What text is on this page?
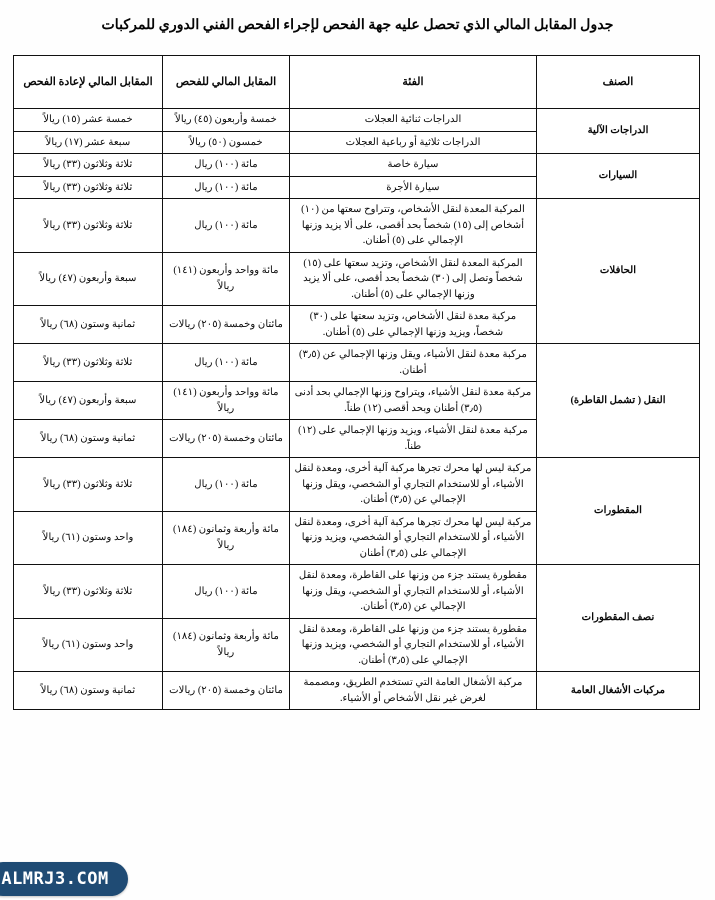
جدول المقابل المالي الذي تحصل عليه جهة الفحص لإجراء الفحص الفني الدوري للمركبات
الصنف	الفئة	المقابل المالي للفحص	المقابل المالي لإعادة الفحص
الدراجات الآلية	الدراجات ثنائية العجلات	خمسة وأربعون (٤٥) ريالاً	خمسة عشر (١٥) ريالاً
	الدراجات ثلاثية أو رباعية العجلات	خمسون (٥٠) ريالاً	سبعة عشر (١٧) ريالاً
السيارات	سيارة خاصة	مائة (١٠٠) ريال	ثلاثة وثلاثون (٣٣) ريالاً
	سيارة الأجرة	مائة (١٠٠) ريال	ثلاثة وثلاثون (٣٣) ريالاً
الحافلات	المركبة المعدة لنقل الأشخاص، وتتراوح سعتها من (١٠) أشخاص إلى (١٥) شخصاً بحد أقصى، على ألا يزيد وزنها الإجمالي على (٥) أطنان.	مائة (١٠٠) ريال	ثلاثة وثلاثون (٣٣) ريالاً
	المركبة المعدة لنقل الأشخاص، وتزيد سعتها على (١٥) شخصاً وتصل إلى (٣٠) شخصاً بحد أقصى، على ألا يزيد وزنها الإجمالي على (٥) أطنان.	مائة وواحد وأربعون (١٤١) ريالاً	سبعة وأربعون (٤٧) ريالاً
	مركبة معدة لنقل الأشخاص، وتزيد سعتها على (٣٠) شخصاً، ويزيد وزنها الإجمالي على (٥) أطنان.	مائتان وخمسة (٢٠٥) ريالات	ثمانية وستون (٦٨) ريالاً
النقل ( تشمل القاطرة)	مركبة معدة لنقل الأشياء، ويقل وزنها الإجمالي عن (٣٫٥) أطنان.	مائة (١٠٠) ريال	ثلاثة وثلاثون (٣٣) ريالاً
	مركبة معدة لنقل الأشياء، ويتراوح وزنها الإجمالي بحد أدنى (٣٫٥) أطنان وبحد أقصى (١٢) طناً.	مائة وواحد وأربعون (١٤١) ريالاً	سبعة وأربعون (٤٧) ريالاً
	مركبة معدة لنقل الأشياء، ويزيد وزنها الإجمالي على (١٢) طناً.	مائتان وخمسة (٢٠٥) ريالات	ثمانية وستون (٦٨) ريالاً
المقطورات	مركبة ليس لها محرك تجرها مركبة آلية أخرى، ومعدة لنقل الأشياء، أو للاستخدام التجاري أو الشخصي، ويقل وزنها الإجمالي عن (٣٫٥) أطنان.	مائة (١٠٠) ريال	ثلاثة وثلاثون (٣٣) ريالاً
	مركبة ليس لها محرك تجرها مركبة آلية أخرى، ومعدة لنقل الأشياء، أو للاستخدام التجاري أو الشخصي، ويزيد وزنها الإجمالي على (٣٫٥) أطنان	مائة وأربعة وثمانون (١٨٤) ريالاً	واحد وستون (٦١) ريالاً
نصف المقطورات	مقطورة يستند جزء من وزنها على القاطرة، ومعدة لنقل الأشياء، أو للاستخدام التجاري أو الشخصي، ويقل وزنها الإجمالي عن (٣٫٥) أطنان.	مائة (١٠٠) ريال	ثلاثة وثلاثون (٣٣) ريالاً
	مقطورة يستند جزء من وزنها على القاطرة، ومعدة لنقل الأشياء، أو للاستخدام التجاري أو الشخصي، ويزيد وزنها الإجمالي على (٣٫٥) أطنان.	مائة وأربعة وثمانون (١٨٤) ريالاً	واحد وستون (٦١) ريالاً
مركبات الأشغال العامة	مركبة الأشغال العامة التي تستخدم الطريق، ومصممة لغرض غير نقل الأشخاص أو الأشياء.	مائتان وخمسة (٢٠٥) ريالات	ثمانية وستون (٦٨) ريالاً
ALMRJ3.COM
